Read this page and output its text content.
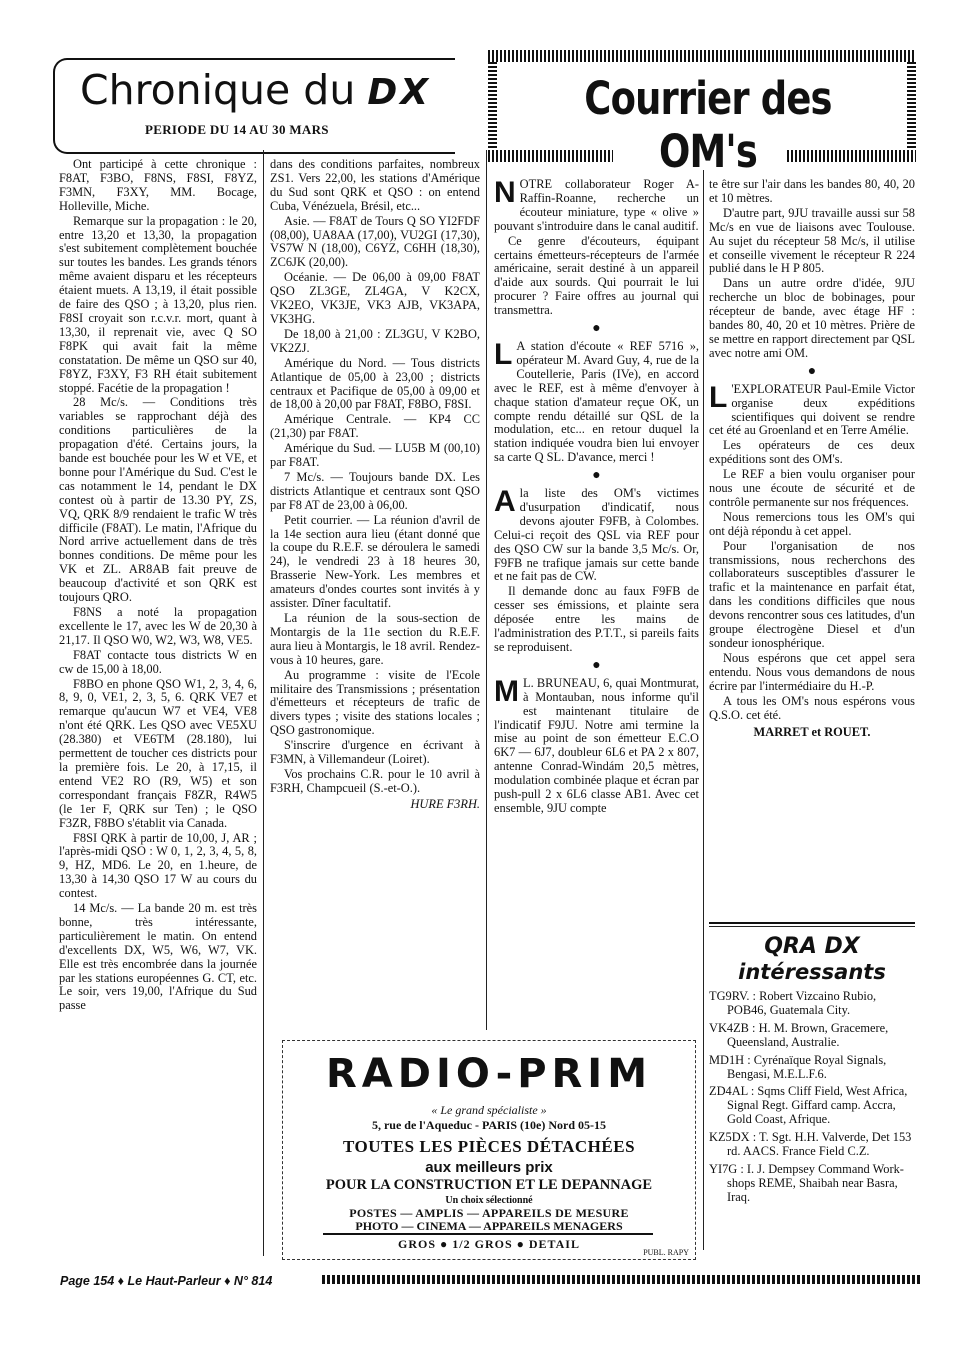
Chronique du DX
PERIODE DU 14 AU 30 MARS

Ont participé à cette chronique : F8AT, F3BO, F8NS, F8SI, F8YZ, F3MN, F3XY, MM. Bocage, Holleville, Miche.

Remarque sur la propagation : le 20, entre 13,20 et 13,30, la propagation s'est subitement complètement bouchée sur toutes les bandes. Les grands ténors même avaient disparu et les récepteurs étaient muets. A 13,19, il était possible de faire des QSO ; à 13,20, plus rien. F8SI croyait son r.c.v.r. mort, quant à 13,30, il reprenait vie, avec Q SO F8PK qui avait fait la même constatation. De même un QSO sur 40, F8YZ, F3XY, F3 RH était subitement stoppé. Facétie de la propagation !

28 Mc/s. — Conditions très variables se rapprochant déjà des conditions particulières de la propagation d'été. Certains jours, la bande est bouchée pour les W et VE, et bonne pour l'Amérique du Sud. C'est le cas notamment le 14, pendant le DX contest où à partir de 13.30 PY, ZS, VQ, QRK 8/9 rendaient le trafic W très difficile (F8AT). Le matin, l'Afrique du Nord arrive actuellement dans de très bonnes conditions. De même pour les VK et ZL. AR8AB fait preuve de beaucoup d'activité et son QRK est toujours QRO.

F8NS a noté la propagation excellente le 17, avec les W de 20,30 à 21,17. Il QSO W0, W2, W3, W8, VE5.

F8AT contacte tous districts W en cw de 15,00 à 18,00.

F8BO en phone QSO W1, 2, 3, 4, 6, 8, 9, 0, VE1, 2, 3, 5, 6. QRK VE7 et remarque qu'aucun W7 et VE4, VE8 n'ont été QRK. Les QSO avec VE5XU (28.380) et VE6TM (28.180), lui permettent de toucher ces districts pour la première fois. Le 20, à 17,15, il entend VE2 RO (R9, W5) et son correspondant français F8ZR, R4W5 (le 1er F, QRK sur Ten) ; le QSO F3ZR, F8BO s'établit via Canada.

F8SI QRK à partir de 10,00, J, AR ; l'après-midi QSO : W 0, 1, 2, 3, 4, 5, 8, 9, HZ, MD6. Le 20, en 1.heure, de 13,30 à 14,30 QSO 17 W au cours du contest.

14 Mc/s. — La bande 20 m. est très bonne, très intéressante, particulièrement le matin. On entend d'excellents DX, W5, W6, W7, VK. Elle est très encombrée dans la journée par les stations européennes G. CT, etc. Le soir, vers 19,00, l'Afrique du Sud passe

dans des conditions parfaites, nombreux ZS1. Vers 22,00, les stations d'Amérique du Sud sont QRK et QSO : on entend Cuba, Vénézuela, Brésil, etc...

Asie. — F8AT de Tours Q SO YI2FDF (08,00), UA8AA (17,00), VU2GI (17,30), VS7W N (18,00), C6YZ, C6HH (18,30), ZC6JK (20,00).

Océanie. — De 06,00 à 09,00 F8AT QSO ZL3GE, ZL4GA, V K2CX, VK2EO, VK3JE, VK3 AJB, VK3APA, VK3HG.

De 18,00 à 21,00 : ZL3GU, V K2BO, VK2ZJ.

Amérique du Nord. — Tous districts Atlantique de 05,00 à 23,00 ; districts centraux et Pacifique de 05,00 à 09,00 et de 18,00 à 20,00 par F8AT, F8BO, F8SI.

Amérique Centrale. — KP4 CC (21,30) par F8AT.

Amérique du Sud. — LU5B M (00,10) par F8AT.

7 Mc/s. — Toujours bande DX. Les districts Atlantique et centraux sont QSO par F8 AT de 23,00 à 06,00.

Petit courrier. — La réunion d'avril de la 14e section aura lieu (étant donné que la coupe du R.E.F. se déroulera le samedi 24), le vendredi 23 à 18 heures 30, Brasserie New-York. Les membres et amateurs d'ondes courtes sont invités à y assister. Dîner facultatif.

La réunion de la sous-section de Montargis de la 11e section du R.E.F. aura lieu à Montargis, le 18 avril. Rendez-vous à 10 heures, gare.

Au programme : visite de l'Ecole militaire des Transmissions ; présentation d'émetteurs et récepteurs de trafic de divers types ; visite des stations locales ; QSO gastronomique.

S'inscrire d'urgence en écrivant à F3MN, à Villemandeur (Loiret).

Vos prochains C.R. pour le 10 avril à F3RH, Champcueil (S.-et-O.).

HURE F3RH.
Courrier des OM's

NOTRE collaborateur Roger A-Raffin-Roanne, recherche un écouteur miniature, type « olive » pouvant s'introduire dans le canal auditif.

Ce genre d'écouteurs, équipant certains émetteurs-récepteurs de l'armée américaine, serait destiné à un appareil d'aide aux sourds. Qui pourrait le lui procurer ? Faire offres au journal qui transmettra.

●

L A station d'écoute « REF 5716 », opérateur M. Avard Guy, 4, rue de la Coutellerie, Paris (IVe), en accord avec le REF, est à même d'envoyer à chaque station d'amateur reçue OK, un compte rendu détaillé sur QSL de la modulation, etc... en retour duquel la station indiquée voudra bien lui envoyer sa carte Q SL. D'avance, merci !

●

Ala liste des OM's victimes d'usurpation d'indicatif, nous devons ajouter F9FB, à Colombes. Celui-ci reçoit des QSL via REF pour des QSO CW sur la bande 3,5 Mc/s. Or, F9FB ne trafique jamais sur cette bande et ne fait pas de CW.

Il demande donc au faux F9FB de cesser ses émissions, et plainte sera déposée entre les mains de l'administration des P.T.T., si pareils faits se reproduisent.

●

M L. BRUNEAU, 6, quai Montmurat, à Montauban, nous informe qu'il est maintenant titulaire de l'indicatif F9JU. Notre ami termine la mise au point de son émetteur E.C.O 6K7 — 6J7, doubleur 6L6 et PA 2 x 807, antenne Conrad-Windám 20,5 mètres, modulation combinée plaque et écran par push-pull 2 x 6L6 classe AB1. Avec cet ensemble, 9JU compte

te être sur l'air dans les bandes 80, 40, 20 et 10 mètres.

D'autre part, 9JU travaille aussi sur 58 Mc/s en vue de liaisons avec Toulouse. Au sujet du récepteur 58 Mc/s, il utilise et conseille vivement le récepteur R 224 publié dans le H P 805.

Dans un autre ordre d'idée, 9JU recherche un bloc de bobinages, pour récepteur de bande, avec étage HF : bandes 80, 40, 20 et 10 mètres. Prière de se mettre en rapport directement par QSL avec notre ami OM.

●

L 'EXPLORATEUR Paul-Emile Victor organise deux expéditions scientifiques qui doivent se rendre cet été au Groenland et en Terre Amélie.

Les opérateurs de ces deux expéditions sont des OM's.

Le REF a bien voulu organiser pour nous une écoute de sécurité et de contrôle permanente sur nos fréquences.

Nous remercions tous les OM's qui ont déjà répondu à cet appel.

Pour l'organisation de nos transmissions, nous recherchons des collaborateurs susceptibles d'assurer le trafic et la maintenance en parfait état, dans les conditions difficiles que nous devons rencontrer sous ces latitudes, d'un groupe électrogène Diesel et d'un sondeur ionosphérique.

Nous espérons que cet appel sera entendu. Nous vous demandons de nous écrire par l'intermédiaire du H.-P.

A tous les OM's nous espérons vous Q.S.O. cet été.

MARRET et ROUET.
QRA DX
intéressants

TG9RV. : Robert Vizcaino Rubio, POB46, Guatemala City.

VK4ZB : H. M. Brown, Gracemere, Queensland, Australie.

MD1H : Cyrénaïque Royal Signals, Bengasi, M.E.L.F.6.

ZD4AL : Sqms Cliff Field, West Africa, Signal Regt. Giffard camp. Accra, Gold Coast, Afrique.

KZ5DX : T. Sgt. H.H. Valverde, Det 153 rd. AACS. France Field C.Z.

YI7G : I. J. Dempsey Command Work-shops REME, Shaibah near Basra, Iraq.

RADIO-PRIM
« Le grand spécialiste »
5, rue de l'Aqueduc - PARIS (10e) Nord 05-15
TOUTES LES PIÈCES DÉTACHÉES
aux meilleurs prix
POUR LA CONSTRUCTION ET LE DEPANNAGE
Un choix sélectionné
POSTES — AMPLIS — APPAREILS DE MESURE
PHOTO — CINEMA — APPAREILS MENAGERS
GROS ● 1/2 GROS ● DETAIL
PUBL. RAPY
Page 154 ♦ Le Haut-Parleur ♦ N° 814
